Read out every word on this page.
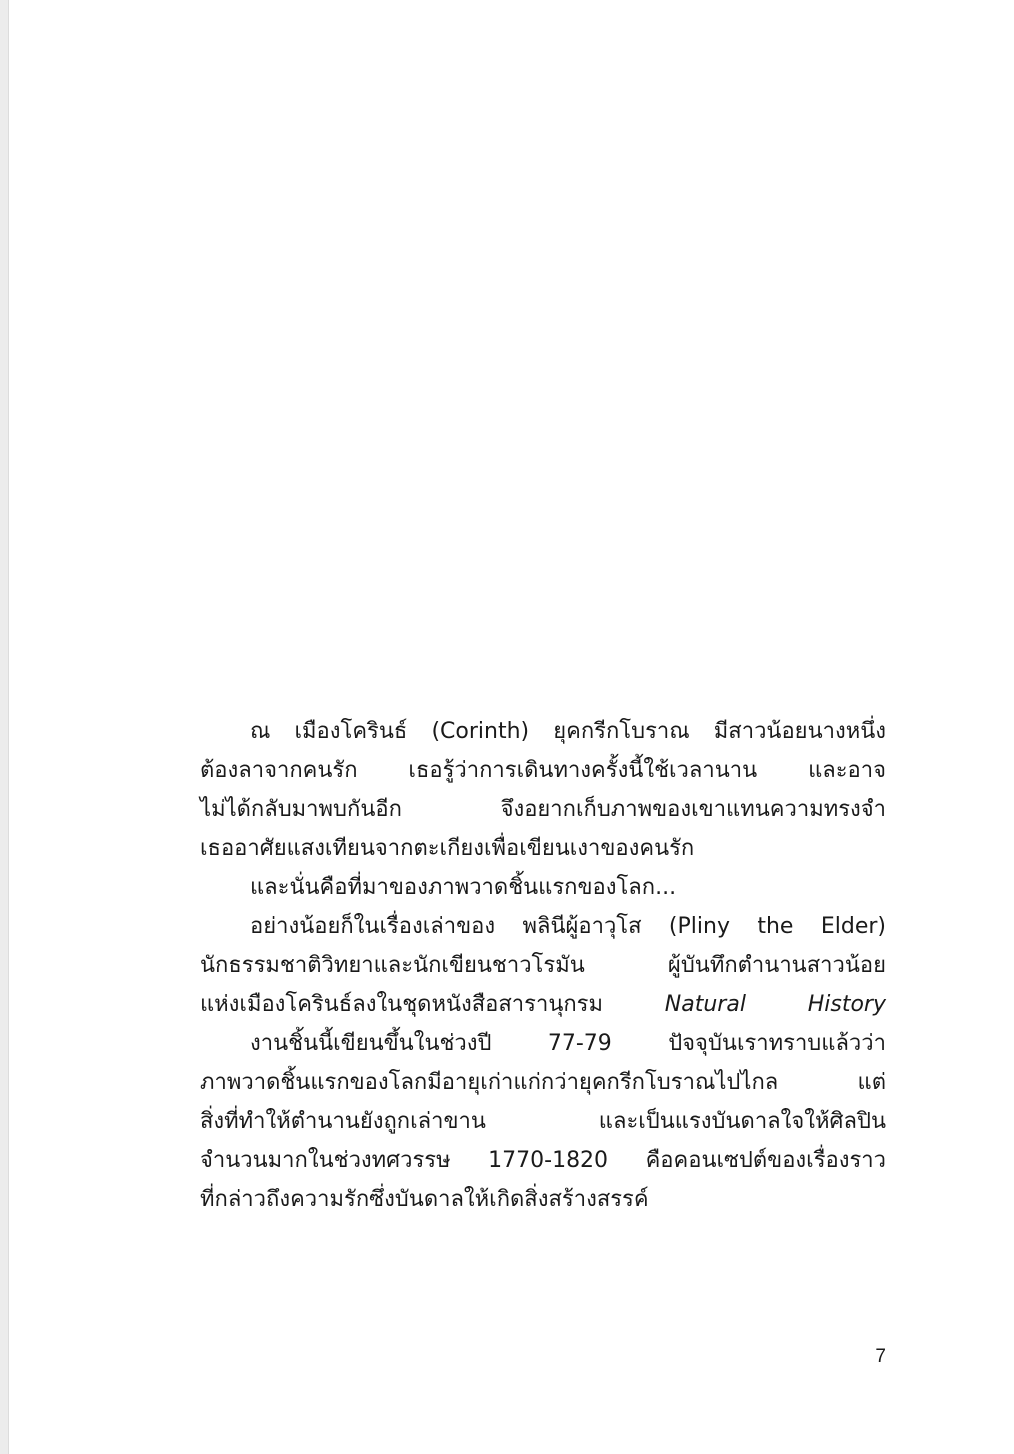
ณ เมืองโครินธ์ (Corinth) ยุคกรีกโบราณ มีสาวน้อยนางหนึ่ง
ต้องลาจากคนรัก เธอรู้ว่าการเดินทางครั้งนี้ใช้เวลานาน และอาจ
ไม่ได้กลับมาพบกันอีก จึงอยากเก็บภาพของเขาแทนความทรงจำ
เธออาศัยแสงเทียนจากตะเกียงเพื่อเขียนเงาของคนรัก
และนั่นคือที่มาของภาพวาดชิ้นแรกของโลก...
อย่างน้อยก็ในเรื่องเล่าของ พลินีผู้อาวุโส (Pliny the Elder)
นักธรรมชาติวิทยาและนักเขียนชาวโรมัน ผู้บันทึกตำนานสาวน้อย
แห่งเมืองโครินธ์ลงในชุดหนังสือสารานุกรม	Natural History
งานชิ้นนี้เขียนขึ้นในช่วงปี 77-79 ปัจจุบันเราทราบแล้วว่า
ภาพวาดชิ้นแรกของโลกมีอายุเก่าแก่กว่ายุคกรีกโบราณไปไกล แต่
สิ่งที่ทำให้ตำนานยังถูกเล่าขาน และเป็นแรงบันดาลใจให้ศิลปิน
จำนวนมากในช่วงทศวรรษ 1770-1820 คือคอนเซปต์ของเรื่องราว
ที่กล่าวถึงความรักซึ่งบันดาลให้เกิดสิ่งสร้างสรรค์
7
